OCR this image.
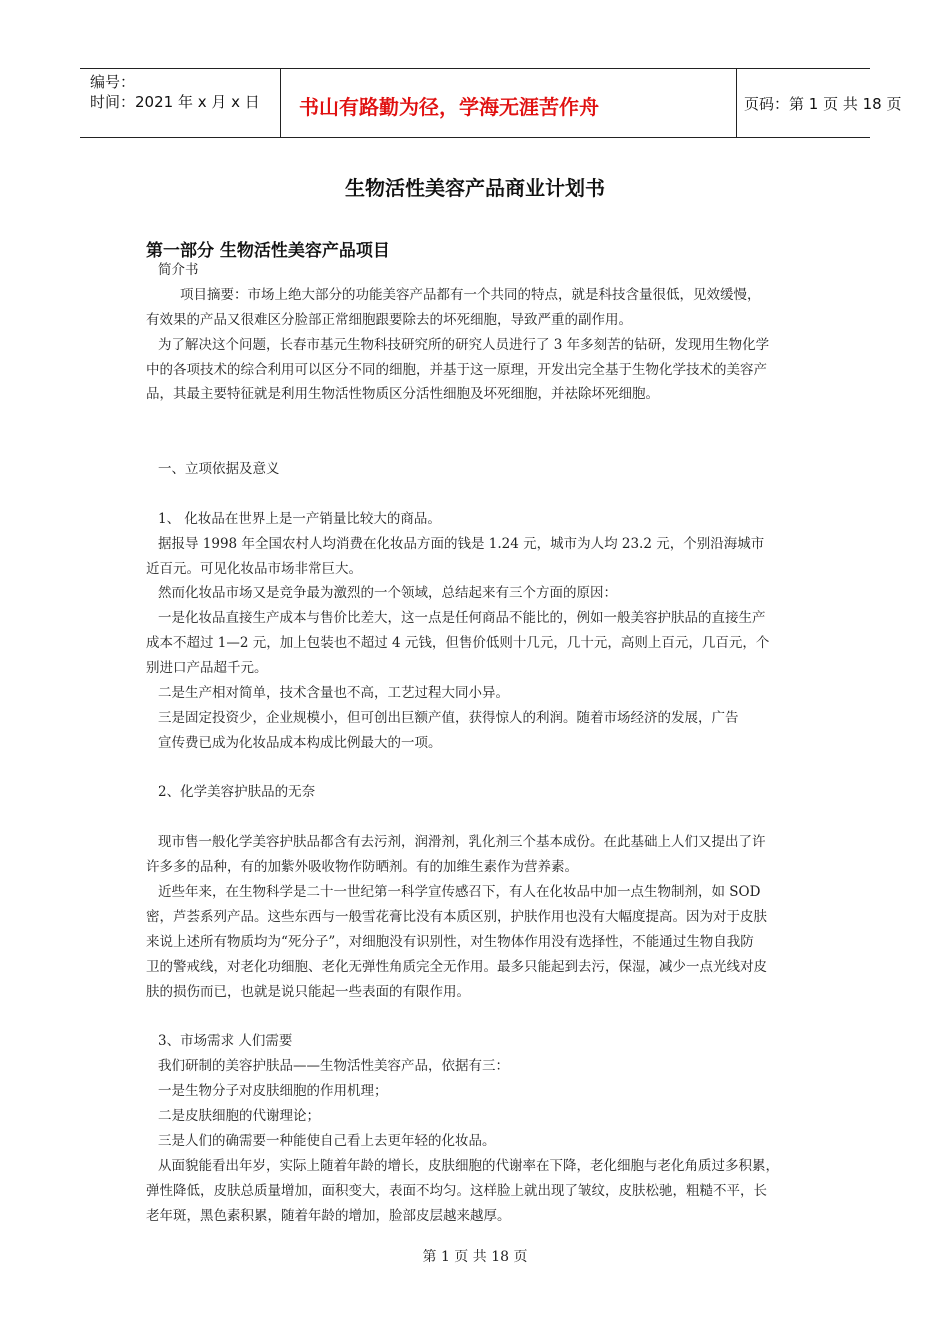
编号：
时间：2021 年 x 月 x 日 书山有路勤为径，学海无涯苦作舟	页码：第 1 页 共 18 页
生物活性美容产品商业计划书
第一部分 生物活性美容产品项目
简介书
项目摘要：市场上绝大部分的功能美容产品都有一个共同的特点，就是科技含量很低，见效缓慢，
有效果的产品又很难区分脸部正常细胞跟要除去的坏死细胞，导致严重的副作用。
为了解决这个问题，长春市基元生物科技研究所的研究人员进行了 3 年多刻苦的钻研，发现用生物化学
中的各项技术的综合利用可以区分不同的细胞，并基于这一原理，开发出完全基于生物化学技术的美容产
品，其最主要特征就是利用生物活性物质区分活性细胞及坏死细胞，并祛除坏死细胞。
一、立项依据及意义
1、 化妆品在世界上是一产销量比较大的商品。
据报导 1998 年全国农村人均消费在化妆品方面的钱是 1.24 元，城市为人均 23.2 元，个别沿海城市
近百元。可见化妆品市场非常巨大。
然而化妆品市场又是竞争最为激烈的一个领域，总结起来有三个方面的原因：
一是化妆品直接生产成本与售价比差大，这一点是任何商品不能比的，例如一般美容护肤品的直接生产
成本不超过 1—2 元，加上包装也不超过 4 元钱，但售价低则十几元，几十元，高则上百元，几百元，个
别进口产品超千元。
二是生产相对简单，技术含量也不高，工艺过程大同小异。
三是固定投资少，企业规模小，但可创出巨额产值，获得惊人的利润。随着市场经济的发展，广告
宣传费已成为化妆品成本构成比例最大的一项。
2、化学美容护肤品的无奈
现市售一般化学美容护肤品都含有去污剂，润滑剂，乳化剂三个基本成份。在此基础上人们又提出了许
许多多的品种，有的加紫外吸收物作防晒剂。有的加维生素作为营养素。
近些年来，在生物科学是二十一世纪第一科学宣传感召下，有人在化妆品中加一点生物制剂，如 SOD
密，芦荟系列产品。这些东西与一般雪花膏比没有本质区别，护肤作用也没有大幅度提高。因为对于皮肤
来说上述所有物质均为“死分子”，对细胞没有识别性，对生物体作用没有选择性，不能通过生物自我防
卫的警戒线，对老化功细胞、老化无弹性角质完全无作用。最多只能起到去污，保湿，减少一点光线对皮
肤的损伤而已，也就是说只能起一些表面的有限作用。
3、市场需求 人们需要
我们研制的美容护肤品——生物活性美容产品，依据有三：
一是生物分子对皮肤细胞的作用机理；
二是皮肤细胞的代谢理论；
三是人们的确需要一种能使自己看上去更年轻的化妆品。
从面貌能看出年岁，实际上随着年龄的增长，皮肤细胞的代谢率在下降，老化细胞与老化角质过多积累，
弹性降低，皮肤总质量增加，面积变大，表面不均匀。这样脸上就出现了皱纹，皮肤松驰，粗糙不平，长
老年斑，黑色素积累，随着年龄的增加，脸部皮层越来越厚。
第 1 页 共 18 页
